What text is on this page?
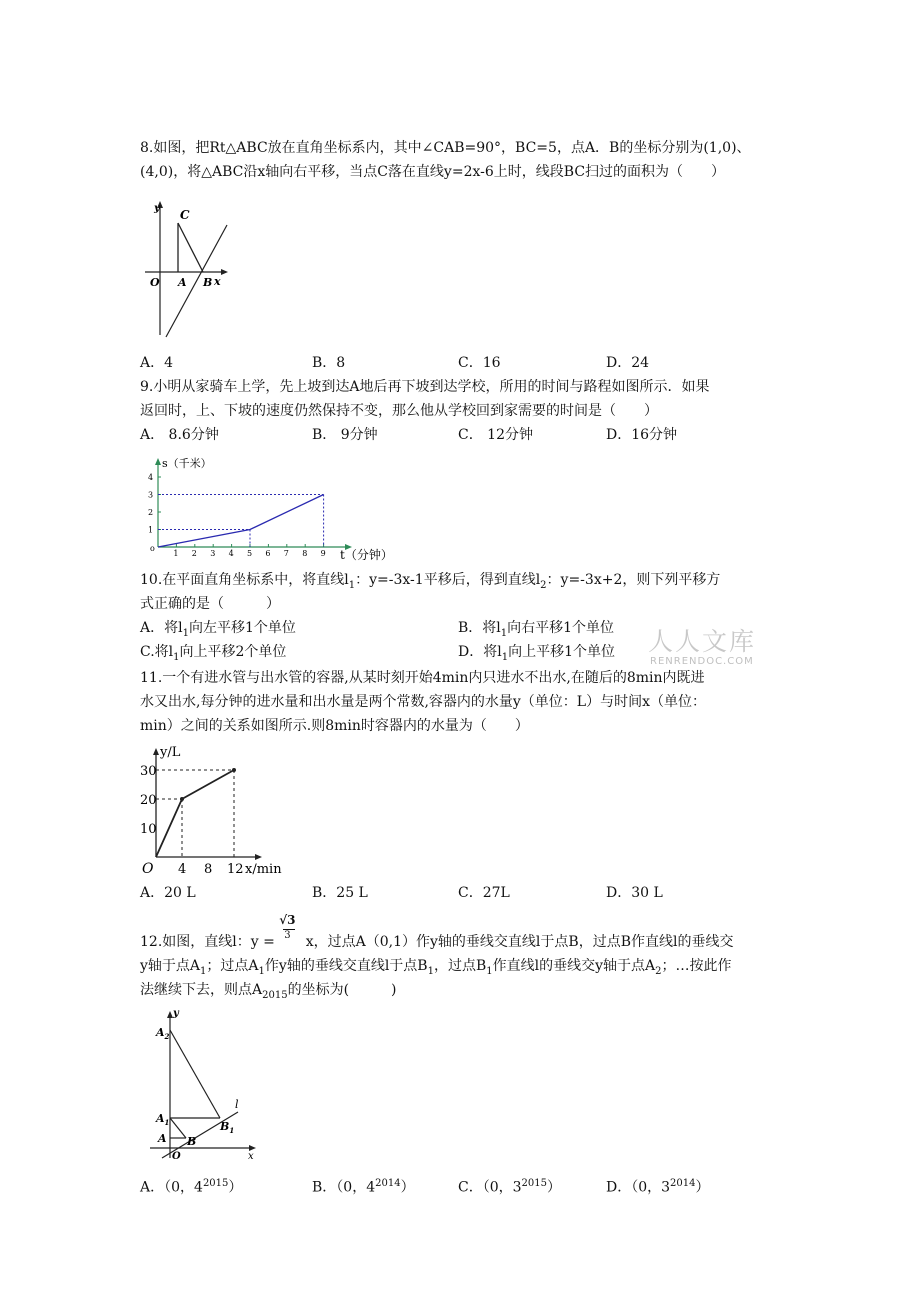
8.如图，把Rt△ABC放在直角坐标系内，其中∠CAB=90°，BC=5，点A．B的坐标分别为(1,0)、
(4,0)，将△ABC沿x轴向右平移，当点C落在直线y=2x-6上时，线段BC扫过的面积为（　　）
y C
O A B x
A．4	B．8	C．16	D．24
9.小明从家骑车上学，先上坡到达A地后再下坡到达学校，所用的时间与路程如图所示．如果
返回时，上、下坡的速度仍然保持不变，那么他从学校回到家需要的时间是（　　）
A． 8.6分钟	B． 9分钟	C． 12分钟	D．16分钟
o
s（千米）
t（分钟）
1 2 3 4 5 6 7 8 9
1
2
3
4
10.在平面直角坐标系中，将直线$l_1$：y=-3x-1平移后，得到直线$l_2$：y=-3x+2，则下列平移方
式正确的是（　　　）
A．将$l_1$向左平移1个单位	B．将$l_1$向右平移1个单位
C.将$l_1$向上平移2个单位	D．将$l_1$向上平移1个单位 人人文库
RENRENDOC.COM
11.一个有进水管与出水管的容器,从某时刻开始4min内只进水不出水,在随后的8min内既进
水又出水,每分钟的进水量和出水量是两个常数,容器内的水量y（单位：L）与时间x（单位：
min）之间的关系如图所示.则8min时容器内的水量为（　　）
y/L
x/min
O 4 8 12
10
20
30
A．20 L	B．25 L	C．27L	D．30 L
12.如图，直线l：y =
√3
3 x，过点A（0,1）作y轴的垂线交直线l于点B，过点B作直线l的垂线交
y轴于点$A_1$；过点$A_1$作y轴的垂线交直线l于点$B_1$，过点$B_1$作直线l的垂线交y轴于点$A_2$；…按此作
法继续下去，则点$A_{2015}$的坐标为(　　　)
y
$A_2$
$A_1$
A B
$B_1$
l
O	x
A．（0，$4^{2015}$）	B．（0，$4^{2014}$）	C．（0，$3^{2015}$）	D．（0，$3^{2014}$）
